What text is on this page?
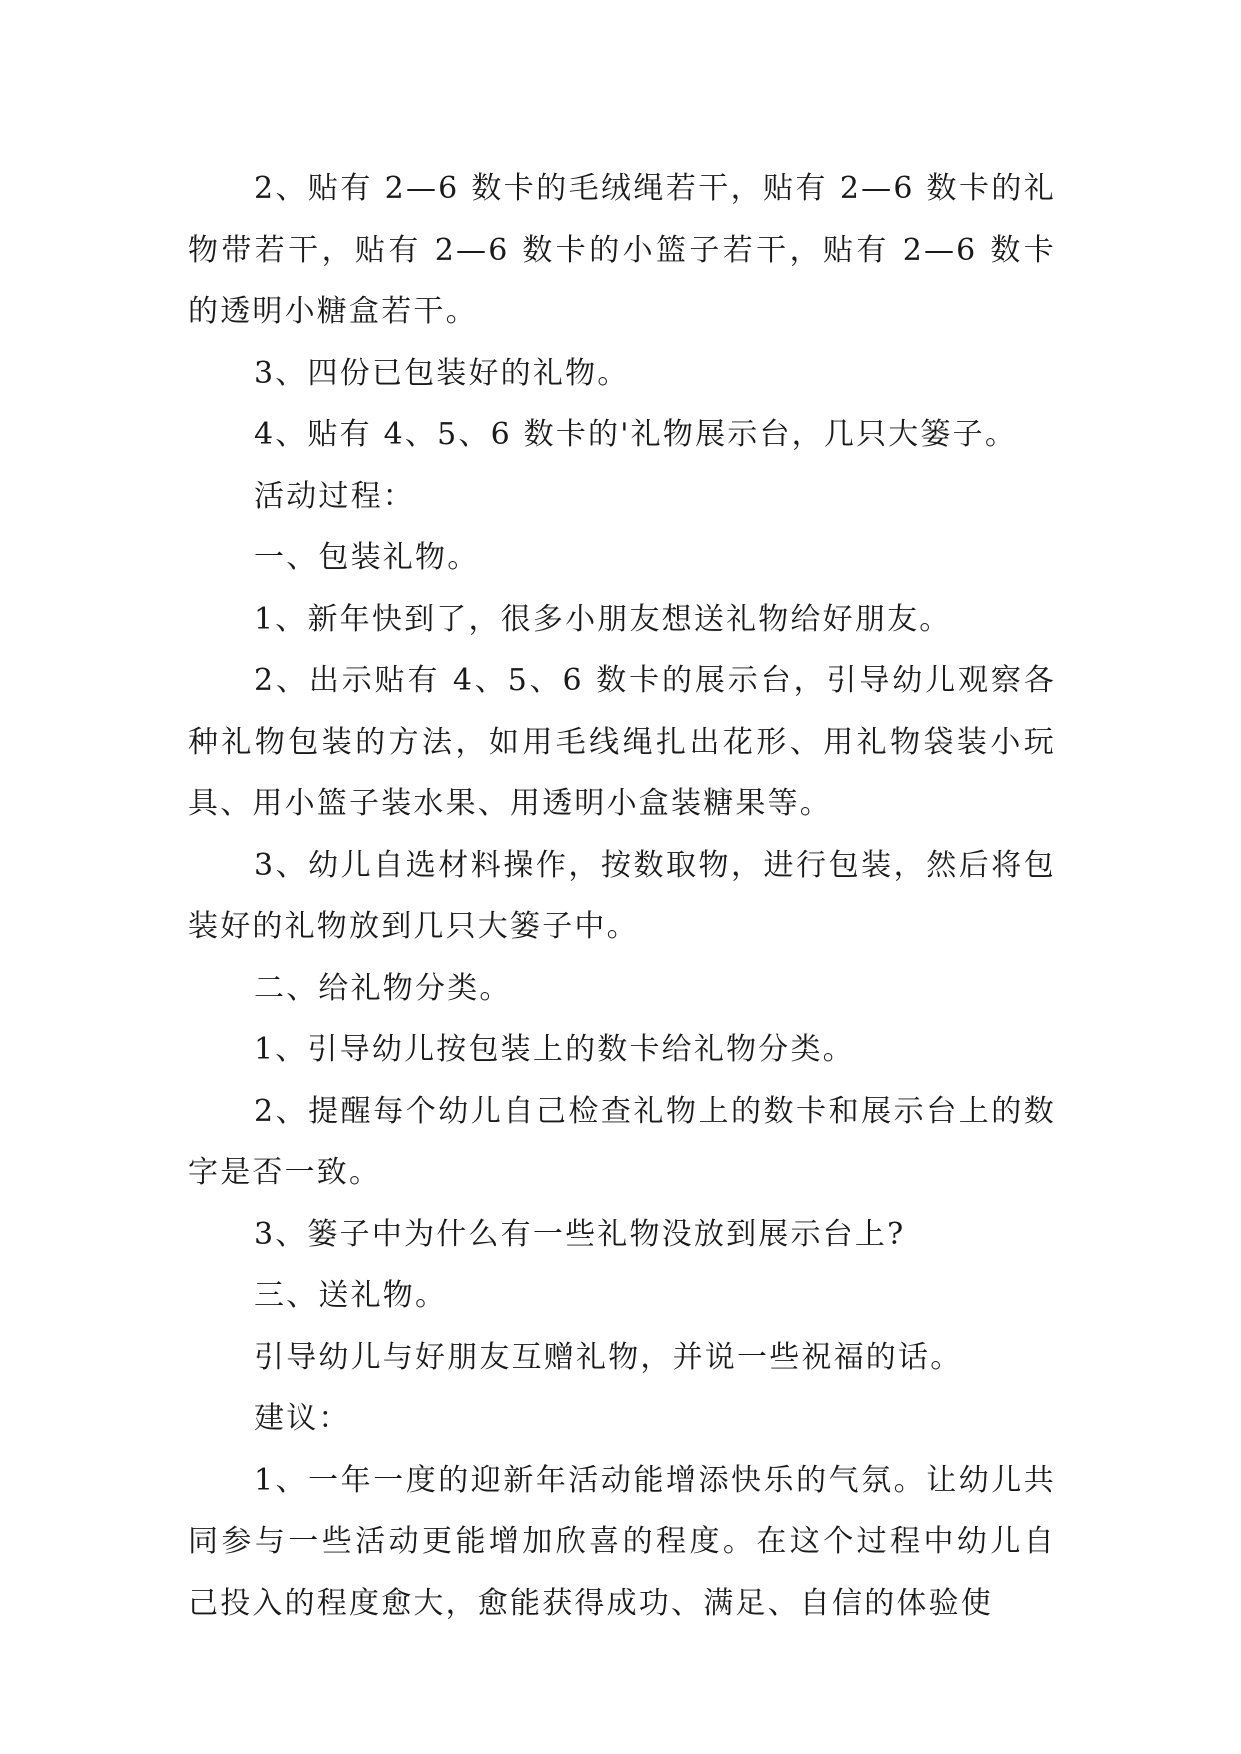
2、贴有 2—6 数卡的毛绒绳若干，贴有 2—6 数卡的礼物带若干，贴有 2—6 数卡的小篮子若干，贴有 2—6 数卡的透明小糖盒若干。

3、四份已包装好的礼物。

4、贴有 4、5、6 数卡的'礼物展示台，几只大篓子。

活动过程：

一、包装礼物。

1、新年快到了，很多小朋友想送礼物给好朋友。

2、出示贴有 4、5、6 数卡的展示台，引导幼儿观察各种礼物包装的方法，如用毛线绳扎出花形、用礼物袋装小玩具、用小篮子装水果、用透明小盒装糖果等。

3、幼儿自选材料操作，按数取物，进行包装，然后将包装好的礼物放到几只大篓子中。

二、给礼物分类。

1、引导幼儿按包装上的数卡给礼物分类。

2、提醒每个幼儿自己检查礼物上的数卡和展示台上的数字是否一致。

3、篓子中为什么有一些礼物没放到展示台上?

三、送礼物。

引导幼儿与好朋友互赠礼物，并说一些祝福的话。

建议：

1、一年一度的迎新年活动能增添快乐的气氛。让幼儿共同参与一些活动更能增加欣喜的程度。在这个过程中幼儿自己投入的程度愈大，愈能获得成功、满足、自信的体验使
